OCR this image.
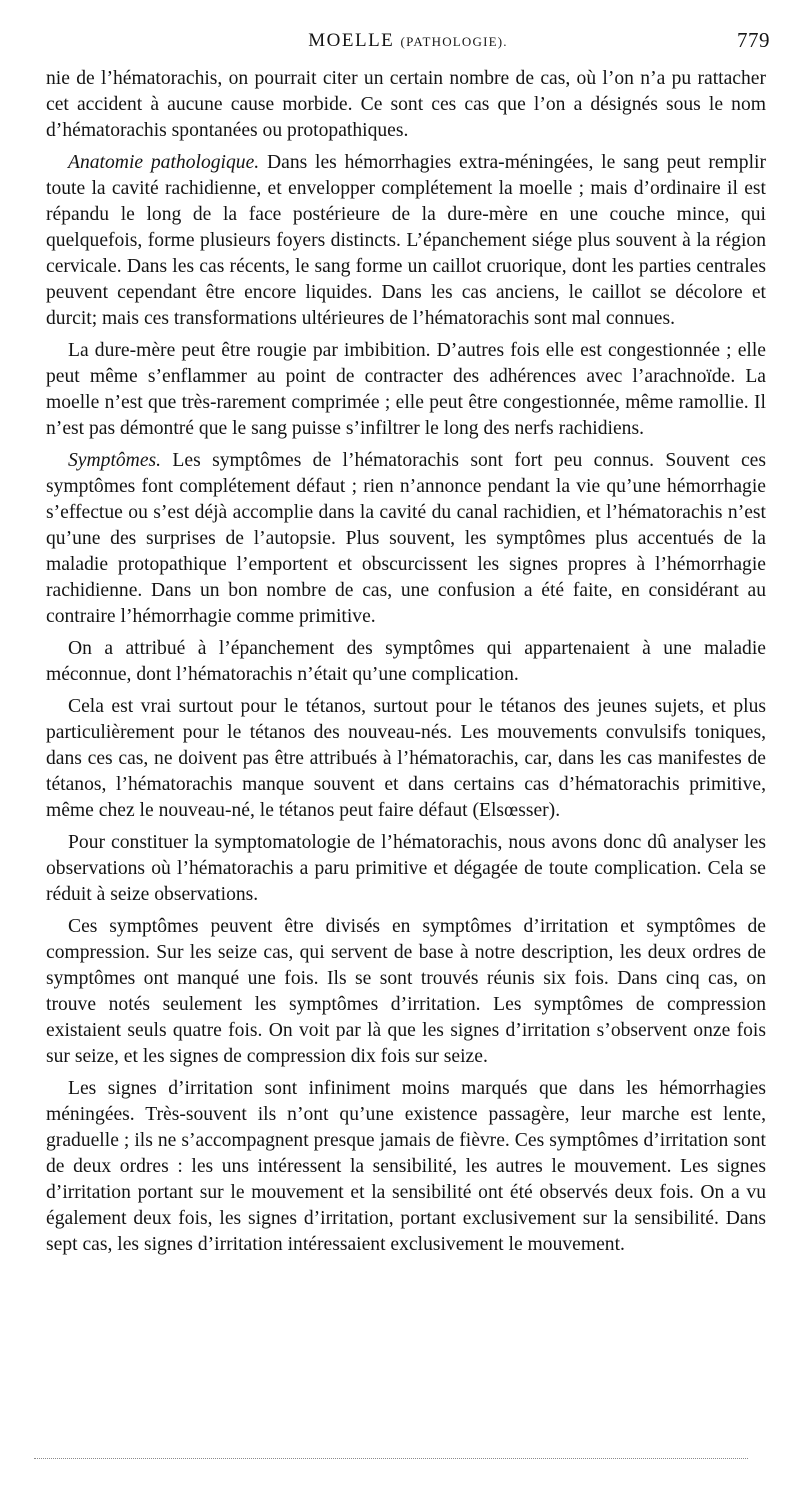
MOELLE (PATHOLOGIE).	779

nie de l’hématorachis, on pourrait citer un certain nombre de cas, où l’on n’a pu rattacher cet accident à aucune cause morbide. Ce sont ces cas que l’on a désignés sous le nom d’hématorachis spontanées ou protopathiques.

Anatomie pathologique. Dans les hémorrhagies extra-méningées, le sang peut remplir toute la cavité rachidienne, et envelopper complétement la moelle ; mais d’ordinaire il est répandu le long de la face postérieure de la dure-mère en une couche mince, qui quelquefois, forme plusieurs foyers distincts. L’épanchement siége plus souvent à la région cervicale. Dans les cas récents, le sang forme un caillot cruorique, dont les parties centrales peuvent cependant être encore liquides. Dans les cas anciens, le caillot se décolore et durcit; mais ces transformations ultérieures de l’hématorachis sont mal connues.

La dure-mère peut être rougie par imbibition. D’autres fois elle est congestionnée ; elle peut même s’enflammer au point de contracter des adhérences avec l’arachnoïde. La moelle n’est que très-rarement comprimée ; elle peut être congestionnée, même ramollie. Il n’est pas démontré que le sang puisse s’infiltrer le long des nerfs rachidiens.

Symptômes. Les symptômes de l’hématorachis sont fort peu connus. Souvent ces symptômes font complétement défaut ; rien n’annonce pendant la vie qu’une hémorrhagie s’effectue ou s’est déjà accomplie dans la cavité du canal rachidien, et l’hématorachis n’est qu’une des surprises de l’autopsie. Plus souvent, les symptômes plus accentués de la maladie protopathique l’emportent et obscurcissent les signes propres à l’hémorrhagie rachidienne. Dans un bon nombre de cas, une confusion a été faite, en considérant au contraire l’hémorrhagie comme primitive.

On a attribué à l’épanchement des symptômes qui appartenaient à une maladie méconnue, dont l’hématorachis n’était qu’une complication.

Cela est vrai surtout pour le tétanos, surtout pour le tétanos des jeunes sujets, et plus particulièrement pour le tétanos des nouveau-nés. Les mouvements convulsifs toniques, dans ces cas, ne doivent pas être attribués à l’hématorachis, car, dans les cas manifestes de tétanos, l’hématorachis manque souvent et dans certains cas d’hématorachis primitive, même chez le nouveau-né, le tétanos peut faire défaut (Elsœsser).

Pour constituer la symptomatologie de l’hématorachis, nous avons donc dû analyser les observations où l’hématorachis a paru primitive et dégagée de toute complication. Cela se réduit à seize observations.

Ces symptômes peuvent être divisés en symptômes d’irritation et symptômes de compression. Sur les seize cas, qui servent de base à notre description, les deux ordres de symptômes ont manqué une fois. Ils se sont trouvés réunis six fois. Dans cinq cas, on trouve notés seulement les symptômes d’irritation. Les symptômes de compression existaient seuls quatre fois. On voit par là que les signes d’irritation s’observent onze fois sur seize, et les signes de compression dix fois sur seize.

Les signes d’irritation sont infiniment moins marqués que dans les hémorrhagies méningées. Très-souvent ils n’ont qu’une existence passagère, leur marche est lente, graduelle ; ils ne s’accompagnent presque jamais de fièvre. Ces symptômes d’irritation sont de deux ordres : les uns intéressent la sensibilité, les autres le mouvement. Les signes d’irritation portant sur le mouvement et la sensibilité ont été observés deux fois. On a vu également deux fois, les signes d’irritation, portant exclusivement sur la sensibilité. Dans sept cas, les signes d’irritation intéressaient exclusivement le mouvement.
